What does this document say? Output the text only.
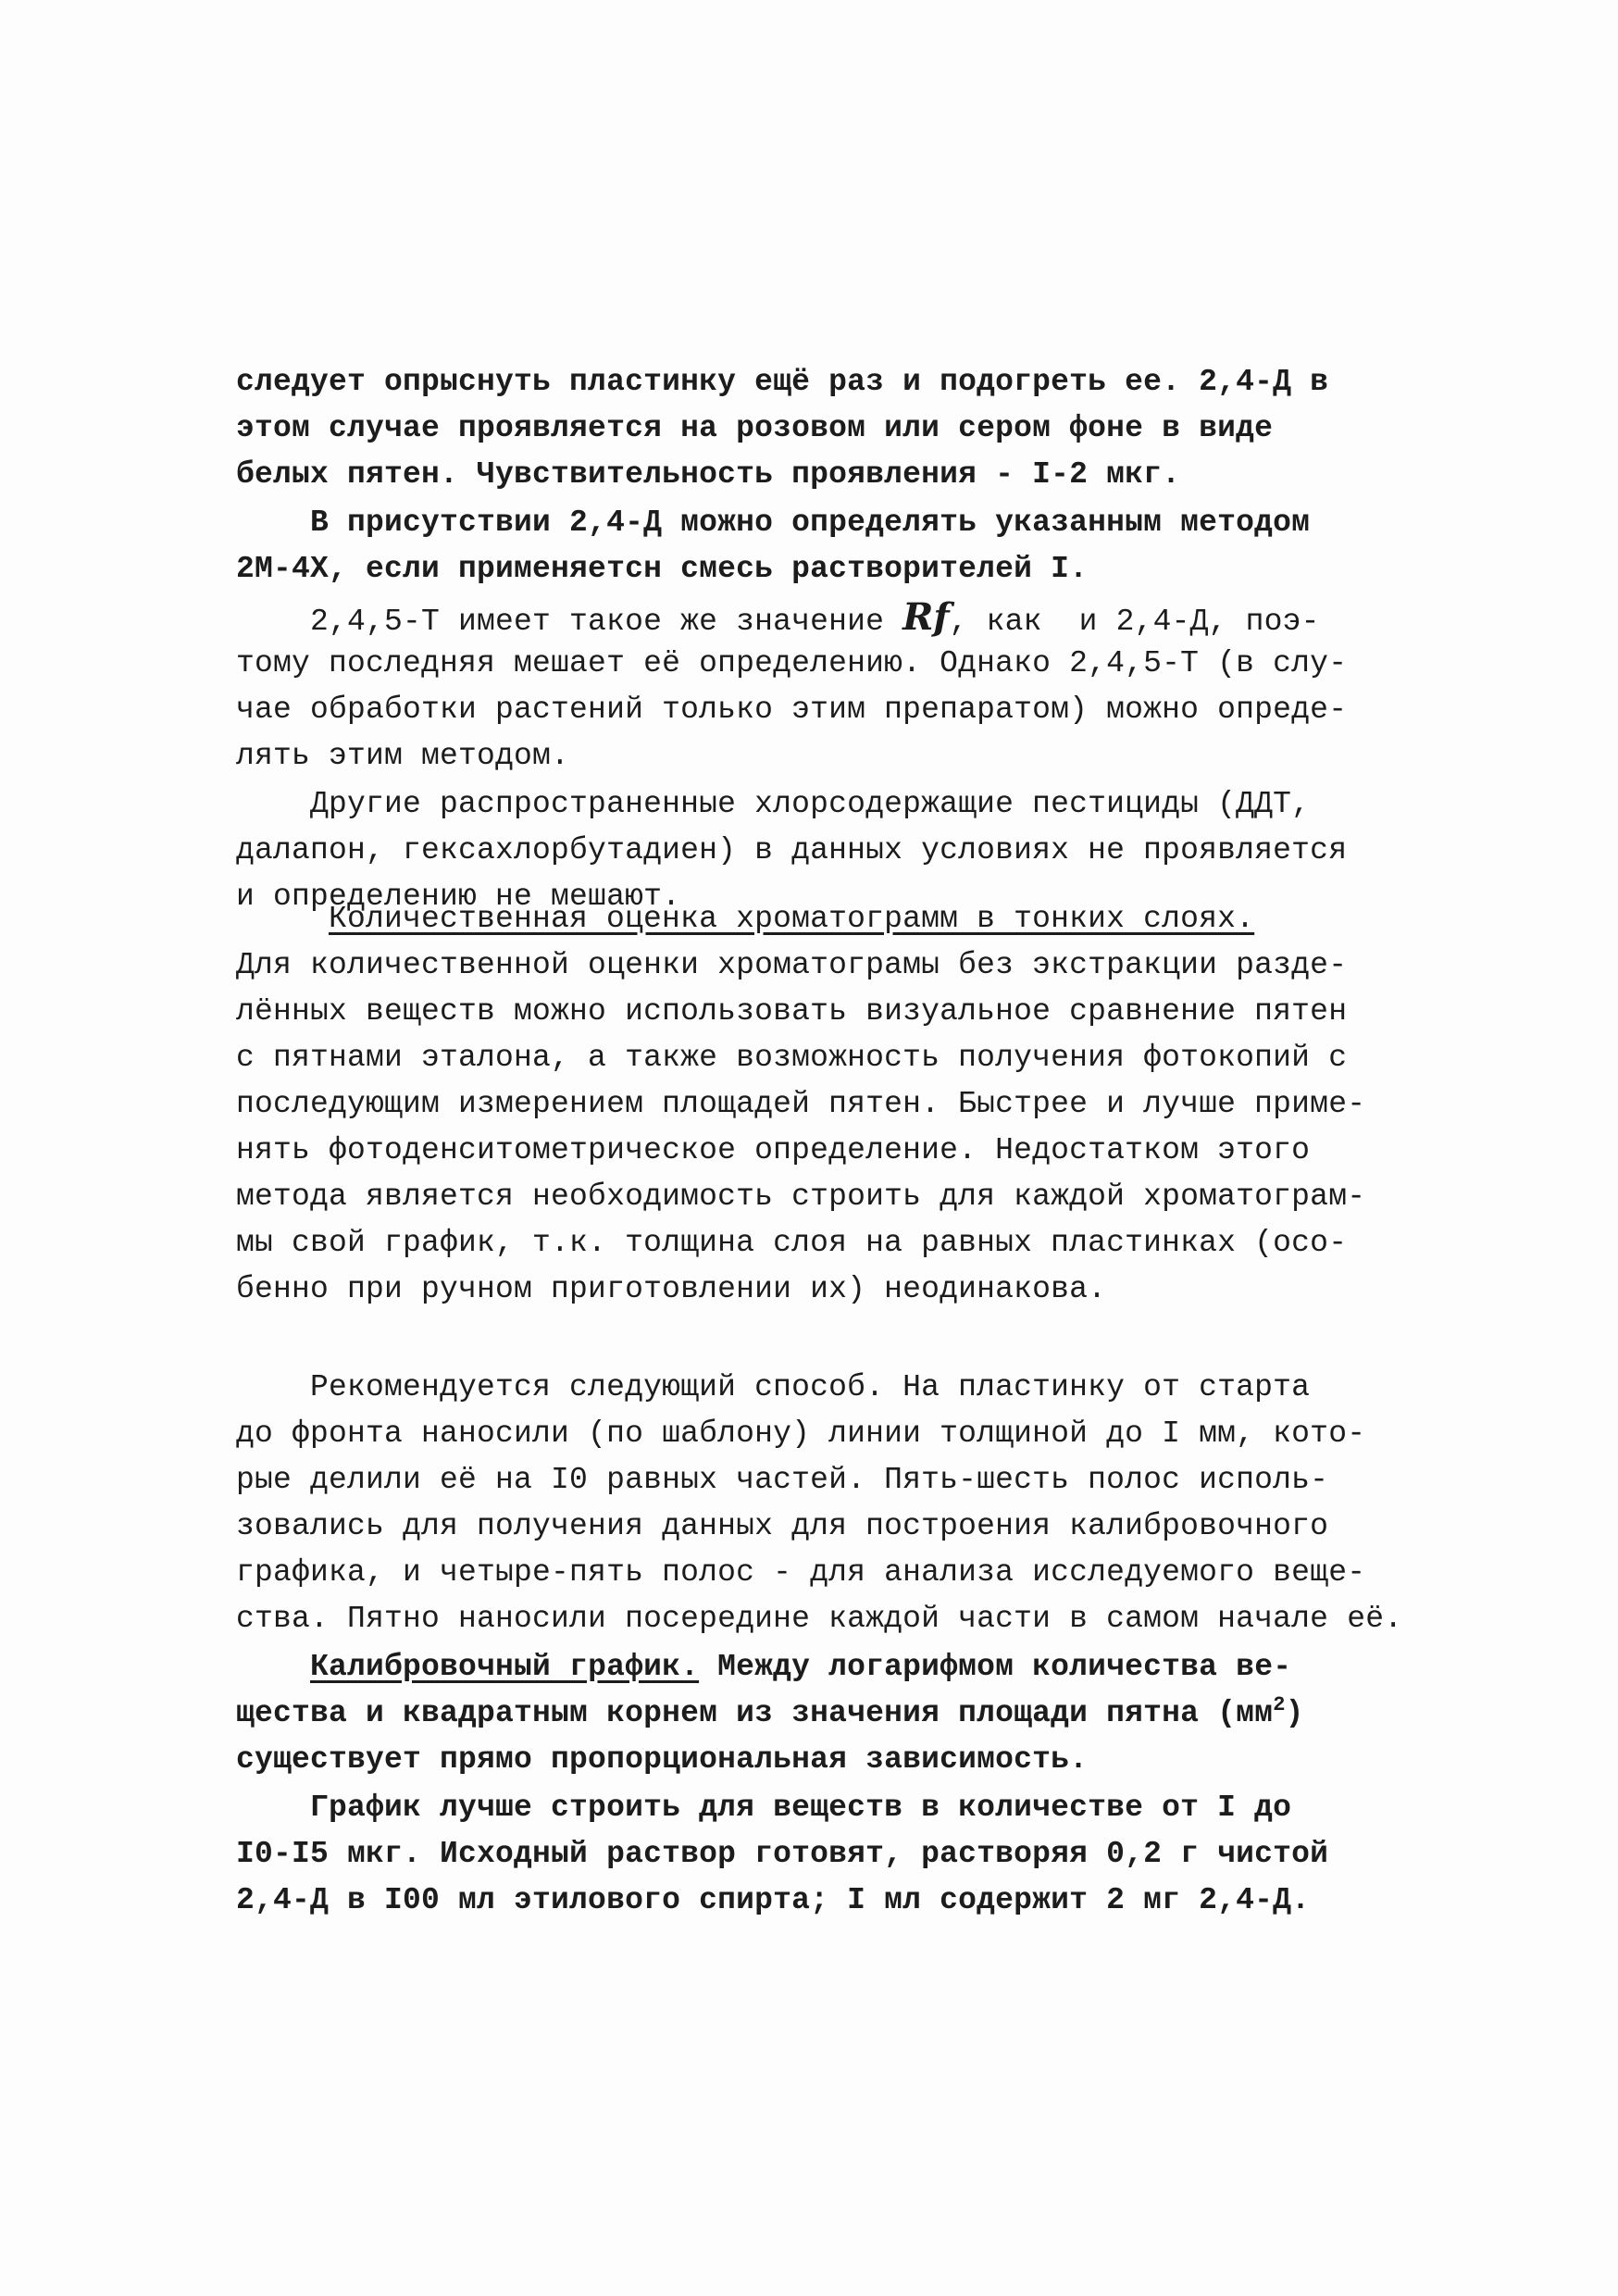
следует опрыснуть пластинку ещё раз и подогреть ее. 2,4-Д в
этом случае проявляется на розовом или сером фоне в виде
белых пятен. Чувствительность проявления - I-2 мкг.
В присутствии 2,4-Д можно определять указанным методом
2М-4Х, если применяетсн смесь растворителей I.
2,4,5-Т имеет такое же значение Rf, как  и 2,4-Д, поэ-
тому последняя мешает её определению. Однако 2,4,5-Т (в слу-
чае обработки растений только этим препаратом) можно опреде-
лять этим методом.
Другие распространенные хлорсодержащие пестициды (ДДТ,
далапон, гексахлорбутадиен) в данных условиях не проявляется
и определению не мешают.
Количественная оценка хроматограмм в тонких слоях.
Для количественной оценки хроматограмы без экстракции разде-
лённых веществ можно использовать визуальное сравнение пятен
с пятнами эталона, а также возможность получения фотокопий с
последующим измерением площадей пятен. Быстрее и лучше приме-
нять фотоденситометрическое определение. Недостатком этого
метода является необходимость строить для каждой хроматограм-
мы свой график, т.к. толщина слоя на равных пластинках (осо-
бенно при ручном приготовлении их) неодинакова.
Рекомендуется следующий способ. На пластинку от старта
до фронта наносили (по шаблону) линии толщиной до I мм, кото-
рые делили её на I0 равных частей. Пять-шесть полос исполь-
зовались для получения данных для построения калибровочного
графика, и четыре-пять полос - для анализа исследуемого веще-
ства. Пятно наносили посередине каждой части в самом начале её.
Калибровочный график. Между логарифмом количества ве-
щества и квадратным корнем из значения площади пятна $(мм^2)$
существует прямо пропорциональная зависимость.
График лучше строить для веществ в количестве от I до
I0-I5 мкг. Исходный раствор готовят, растворяя 0,2 г чистой
2,4-Д в I00 мл этилового спирта; I мл содержит 2 мг 2,4-Д.
